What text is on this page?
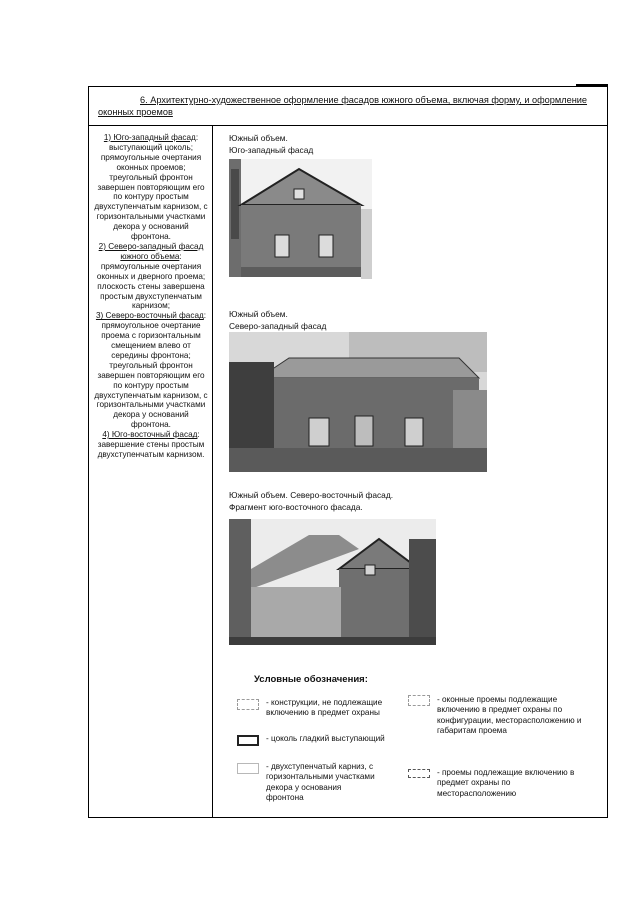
6. Архитектурно-художественное оформление фасадов южного объема, включая форму, и оформление оконных проемов

1) Юго-западный фасад: выступающий цоколь; прямоугольные очертания оконных проемов; треугольный фронтон завершен повторяющим его по контуру простым двухступенчатым карнизом, с горизонтальными участками декора у оснований фронтона.

2) Северо-западный фасад южного объема: прямоугольные очертания оконных и дверного проема; плоскость стены завершена простым двухступенчатым карнизом;

3) Северо-восточный фасад: прямоугольное очертание проема с горизонтальным смещением влево от середины фронтона; треугольный фронтон завершен повторяющим его по контуру простым двухступенчатым карнизом, с горизонтальными участками декора у оснований фронтона.

4) Юго-восточный фасад: завершение стены простым двухступенчатым карнизом.

Южный объем.
Юго-западный фасад
Южный объем.
Северо-западный фасад
Южный объем. Северо-восточный фасад.
Фрагмент юго-восточного фасада.
Условные обозначения:
- конструкции, не подлежащие включению в предмет охраны
- цоколь гладкий выступающий
- двухступенчатый карниз, с горизонтальными участками декора у основания фронтона
- оконные проемы подлежащие включению в предмет охраны по конфигурации, месторасположению и габаритам проема
- проемы подлежащие включению в предмет охраны по месторасположению
